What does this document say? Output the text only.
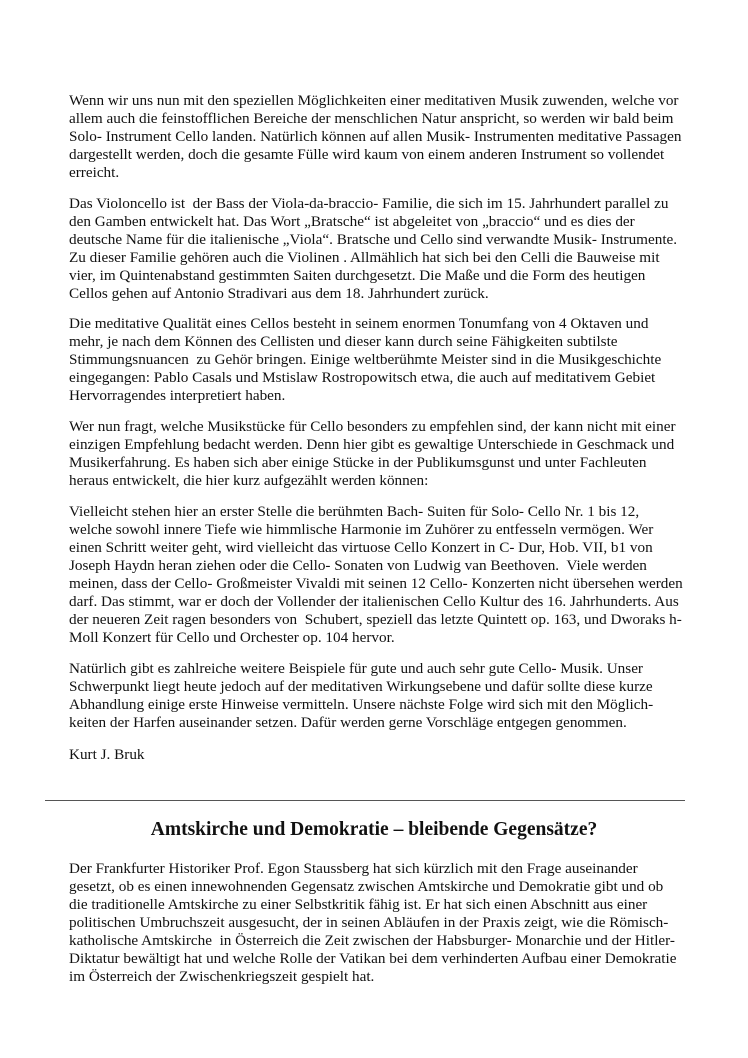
Wenn wir uns nun mit den speziellen Möglichkeiten einer meditativen Musik zuwenden, welche vor
allem auch die feinstofflichen Bereiche der menschlichen Natur anspricht, so werden wir bald beim
Solo- Instrument Cello landen. Natürlich können auf allen Musik- Instrumenten meditative Passagen
dargestellt werden, doch die gesamte Fülle wird kaum von einem anderen Instrument so vollendet
erreicht.
Das Violoncello ist  der Bass der Viola-da-braccio- Familie, die sich im 15. Jahrhundert parallel zu
den Gamben entwickelt hat. Das Wort „Bratsche“ ist abgeleitet von „braccio“ und es dies der
deutsche Name für die italienische „Viola“. Bratsche und Cello sind verwandte Musik- Instrumente.
Zu dieser Familie gehören auch die Violinen . Allmählich hat sich bei den Celli die Bauweise mit
vier, im Quintenabstand gestimmten Saiten durchgesetzt. Die Maße und die Form des heutigen
Cellos gehen auf Antonio Stradivari aus dem 18. Jahrhundert zurück.
Die meditative Qualität eines Cellos besteht in seinem enormen Tonumfang von 4 Oktaven und
mehr, je nach dem Können des Cellisten und dieser kann durch seine Fähigkeiten subtilste
Stimmungsnuancen  zu Gehör bringen. Einige weltberühmte Meister sind in die Musikgeschichte
eingegangen: Pablo Casals und Mstislaw Rostropowitsch etwa, die auch auf meditativem Gebiet
Hervorragendes interpretiert haben.
Wer nun fragt, welche Musikstücke für Cello besonders zu empfehlen sind, der kann nicht mit einer
einzigen Empfehlung bedacht werden. Denn hier gibt es gewaltige Unterschiede in Geschmack und
Musikerfahrung. Es haben sich aber einige Stücke in der Publikumsgunst und unter Fachleuten
heraus entwickelt, die hier kurz aufgezählt werden können:
Vielleicht stehen hier an erster Stelle die berühmten Bach- Suiten für Solo- Cello Nr. 1 bis 12,
welche sowohl innere Tiefe wie himmlische Harmonie im Zuhörer zu entfesseln vermögen. Wer
einen Schritt weiter geht, wird vielleicht das virtuose Cello Konzert in C- Dur, Hob. VII, b1 von
Joseph Haydn heran ziehen oder die Cello- Sonaten von Ludwig van Beethoven.  Viele werden
meinen, dass der Cello- Großmeister Vivaldi mit seinen 12 Cello- Konzerten nicht übersehen werden
darf. Das stimmt, war er doch der Vollender der italienischen Cello Kultur des 16. Jahrhunderts. Aus
der neueren Zeit ragen besonders von  Schubert, speziell das letzte Quintett op. 163, und Dworaks h-
Moll Konzert für Cello und Orchester op. 104 hervor.
Natürlich gibt es zahlreiche weitere Beispiele für gute und auch sehr gute Cello- Musik. Unser
Schwerpunkt liegt heute jedoch auf der meditativen Wirkungsebene und dafür sollte diese kurze
Abhandlung einige erste Hinweise vermitteln. Unsere nächste Folge wird sich mit den Möglich-
keiten der Harfen auseinander setzen. Dafür werden gerne Vorschläge entgegen genommen.
Kurt J. Bruk
Amtskirche und Demokratie – bleibende Gegensätze?
Der Frankfurter Historiker Prof. Egon Staussberg hat sich kürzlich mit den Frage auseinander
gesetzt, ob es einen innewohnenden Gegensatz zwischen Amtskirche und Demokratie gibt und ob
die traditionelle Amtskirche zu einer Selbstkritik fähig ist. Er hat sich einen Abschnitt aus einer
politischen Umbruchszeit ausgesucht, der in seinen Abläufen in der Praxis zeigt, wie die Römisch-
katholische Amtskirche  in Österreich die Zeit zwischen der Habsburger- Monarchie und der Hitler-
Diktatur bewältigt hat und welche Rolle der Vatikan bei dem verhinderten Aufbau einer Demokratie
im Österreich der Zwischenkriegszeit gespielt hat.
